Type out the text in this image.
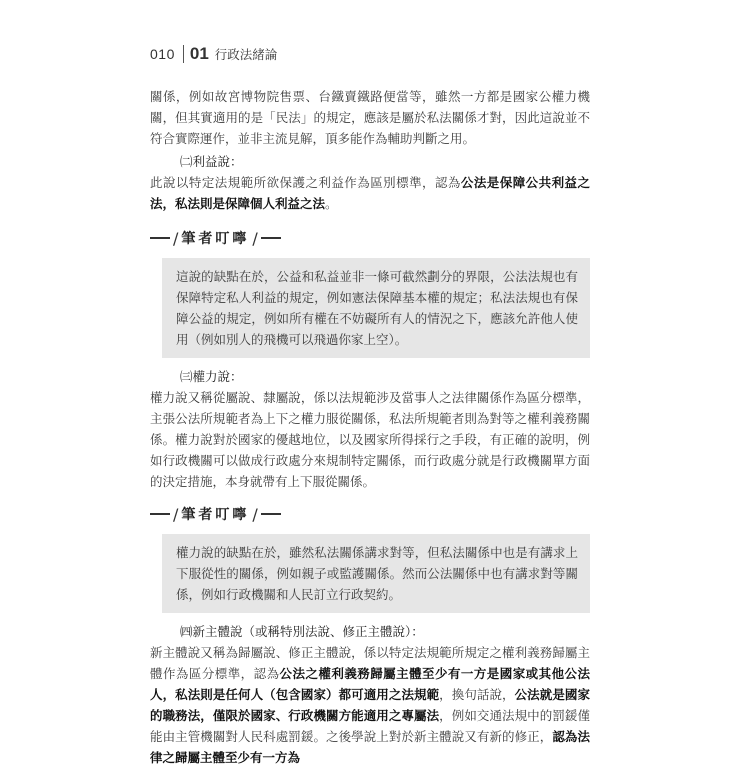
010 01 行政法緒論

關係，例如故宮博物院售票、台鐵賣鐵路便當等，雖然一方都是國家公權力機關，但其實適用的是「民法」的規定，應該是屬於私法關係才對，因此這說並不符合實際運作，並非主流見解，頂多能作為輔助判斷之用。

㈡利益說：

此說以特定法規範所欲保護之利益作為區別標準，認為公法是保障公共利益之法，私法則是保障個人利益之法。

/ 筆者叮嚀 /
這說的缺點在於，公益和私益並非一條可截然劃分的界限，公法法規也有保障特定私人利益的規定，例如憲法保障基本權的規定；私法法規也有保障公益的規定，例如所有權在不妨礙所有人的情況之下，應該允許他人使用（例如別人的飛機可以飛過你家上空）。
㈢權力說：

權力說又稱從屬說、隸屬說，係以法規範涉及當事人之法律關係作為區分標準，主張公法所規範者為上下之權力服從關係，私法所規範者則為對等之權利義務關係。權力說對於國家的優越地位，以及國家所得採行之手段，有正確的說明，例如行政機關可以做成行政處分來規制特定關係，而行政處分就是行政機關單方面的決定措施，本身就帶有上下服從關係。

/ 筆者叮嚀 /
權力說的缺點在於，雖然私法關係講求對等，但私法關係中也是有講求上下服從性的關係，例如親子或監護關係。然而公法關係中也有講求對等關係，例如行政機關和人民訂立行政契約。
㈣新主體說（或稱特別法說、修正主體說）：

新主體說又稱為歸屬說、修正主體說，係以特定法規範所規定之權利義務歸屬主體作為區分標準，認為公法之權利義務歸屬主體至少有一方是國家或其他公法人，私法則是任何人（包含國家）都可適用之法規範，換句話說，公法就是國家的職務法，僅限於國家、行政機關方能適用之專屬法，例如交通法規中的罰鍰僅能由主管機關對人民科處罰鍰。之後學說上對於新主體說又有新的修正，認為法律之歸屬主體至少有一方為
